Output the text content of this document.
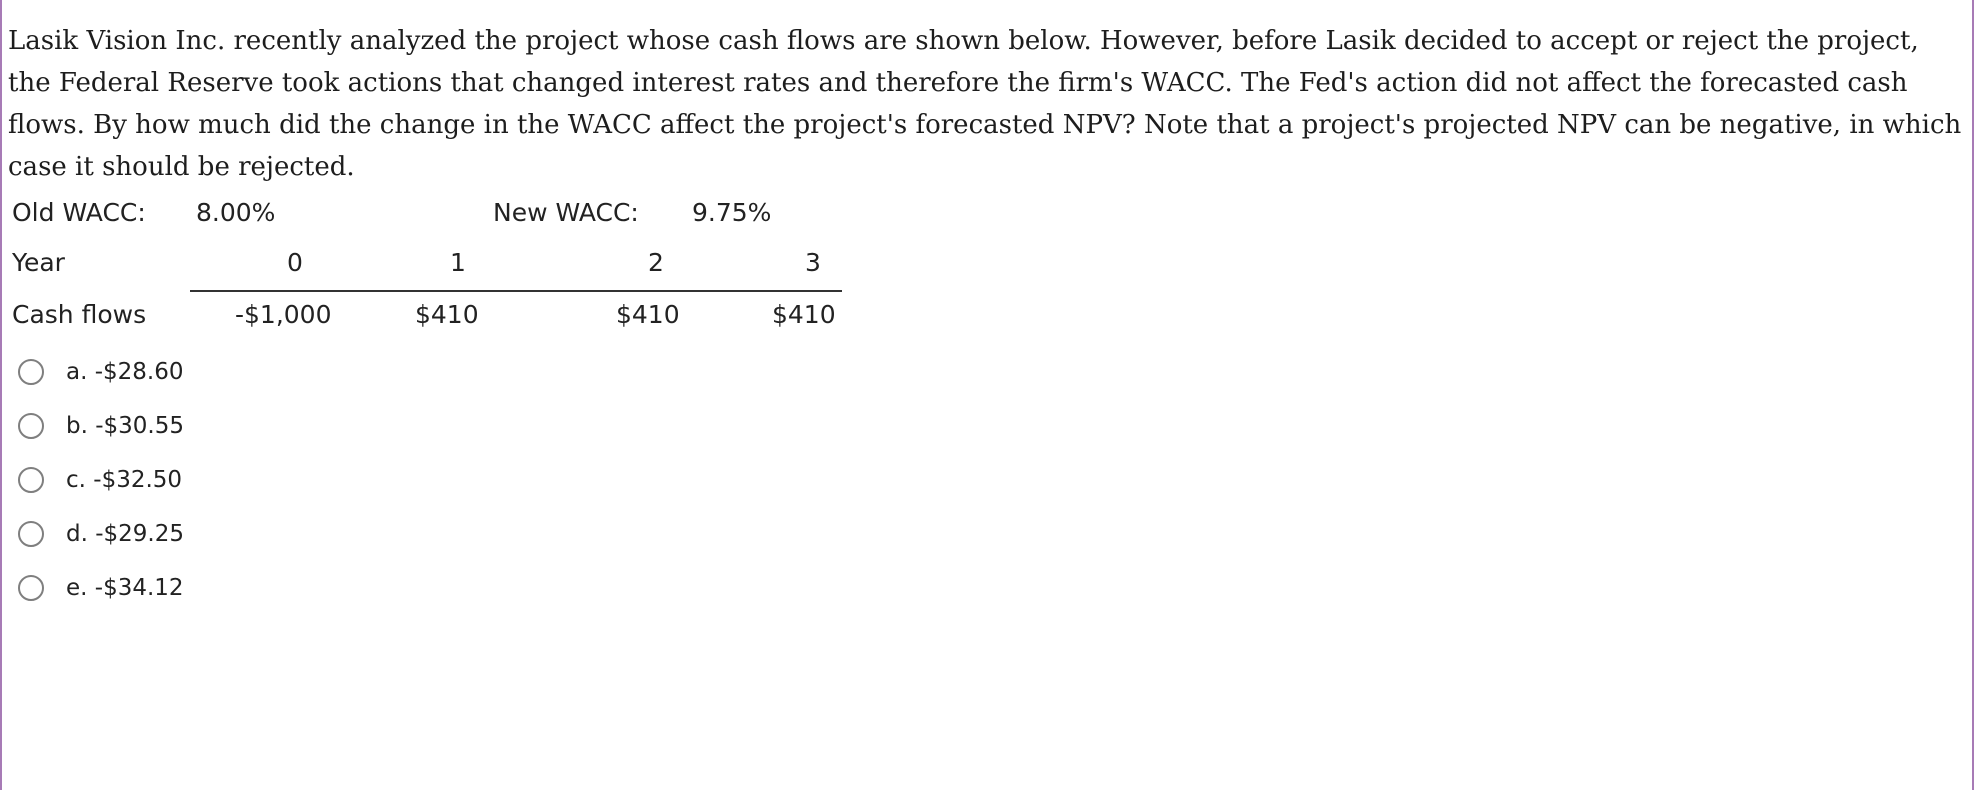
Lasik Vision Inc. recently analyzed the project whose cash flows are shown below. However, before Lasik decided to accept or reject the project, the Federal Reserve took actions that changed interest rates and therefore the firm's WACC. The Fed's action did not affect the forecasted cash flows. By how much did the change in the WACC affect the project's forecasted NPV? Note that a project's projected NPV can be negative, in which case it should be rejected.

Old WACC: 8.00%	New WACC: 9.75%
Year	0	1	2	3
Cash flows	-$1,000	$410	$410	$410
a. -$28.60
b. -$30.55
c. -$32.50
d. -$29.25
e. -$34.12
